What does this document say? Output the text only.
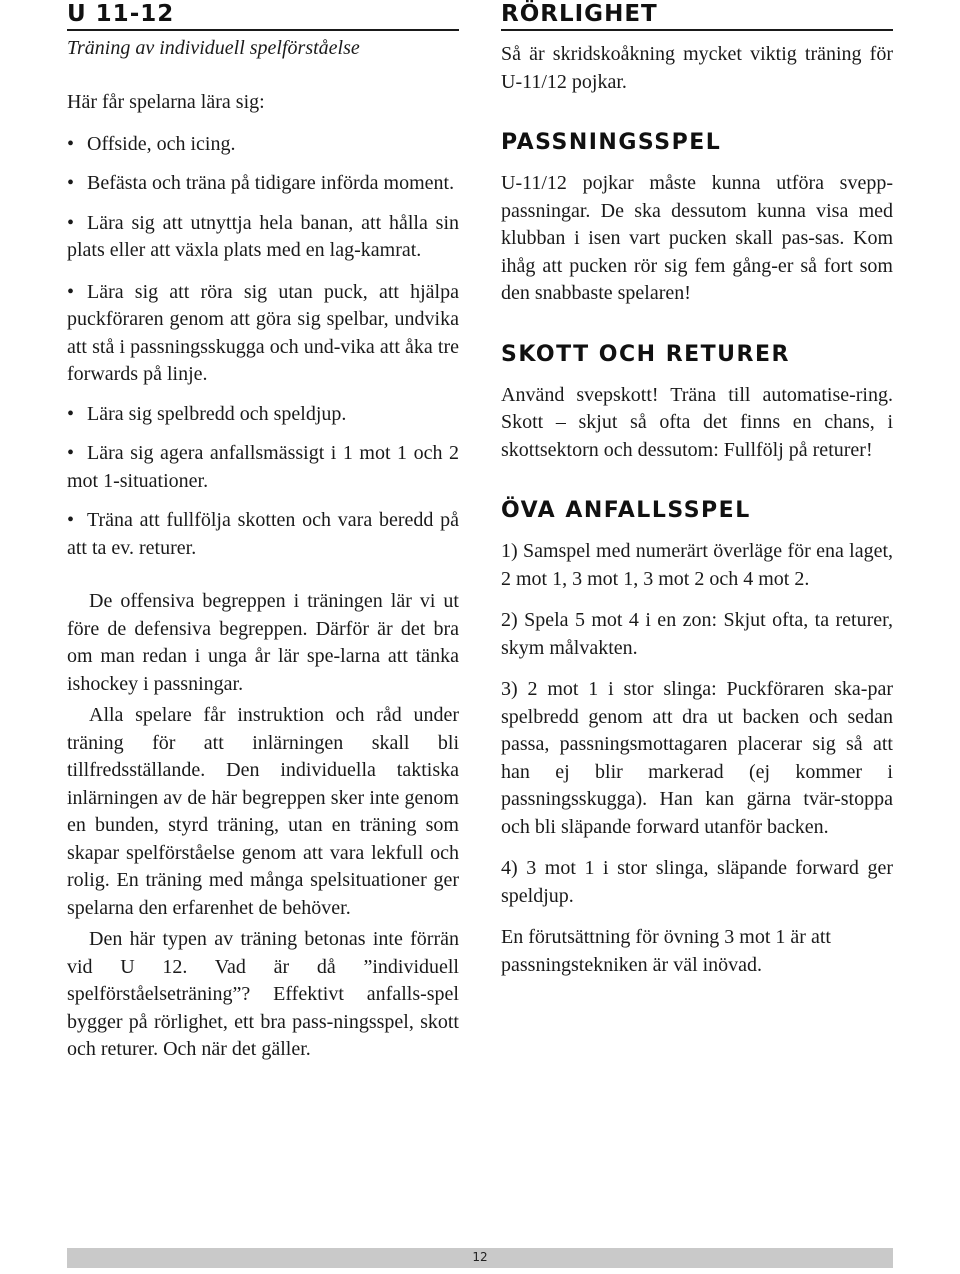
U 11-12

Träning av individuell spelförståelse

Här får spelarna lära sig:

• Offside, och icing.
• Befästa och träna på tidigare införda moment.
• Lära sig att utnyttja hela banan, att hålla sin plats eller att växla plats med en lag-kamrat.
• Lära sig att röra sig utan puck, att hjälpa puckföraren genom att göra sig spelbar, undvika att stå i passningsskugga och und-vika att åka tre forwards på linje.
• Lära sig spelbredd och speldjup.
• Lära sig agera anfallsmässigt i 1 mot 1 och 2 mot 1-situationer.
• Träna att fullfölja skotten och vara beredd på att ta ev. returer.

De offensiva begreppen i träningen lär vi ut före de defensiva begreppen. Därför är det bra om man redan i unga år lär spe-larna att tänka ishockey i passningar.

Alla spelare får instruktion och råd under träning för att inlärningen skall bli tillfredsställande. Den individuella taktiska inlärningen av de här begreppen sker inte genom en bunden, styrd träning, utan en träning som skapar spelförståelse genom att vara lekfull och rolig. En träning med många spelsituationer ger spelarna den erfarenhet de behöver.

Den här typen av träning betonas inte förrän vid U 12. Vad är då ”individuell spelförståelseträning”? Effektivt anfalls-spel bygger på rörlighet, ett bra pass-ningsspel, skott och returer. Och när det gäller.

RÖRLIGHET

Så är skridskoåkning mycket viktig träning för U-11/12 pojkar.

PASSNINGSSPEL

U-11/12 pojkar måste kunna utföra svepp-passningar. De ska dessutom kunna visa med klubban i isen vart pucken skall pas-sas. Kom ihåg att pucken rör sig fem gång-er så fort som den snabbaste spelaren!

SKOTT OCH RETURER

Använd svepskott! Träna till automatise-ring. Skott – skjut så ofta det finns en chans, i skottsektorn och dessutom: Fullfölj på returer!

ÖVA ANFALLSSPEL

1) Samspel med numerärt överläge för ena laget, 2 mot 1, 3 mot 1, 3 mot 2 och 4 mot 2.

2) Spela 5 mot 4 i en zon: Skjut ofta, ta returer, skym målvakten.

3) 2 mot 1 i stor slinga: Puckföraren ska-par spelbredd genom att dra ut backen och sedan passa, passningsmottagaren placerar sig så att han ej blir markerad (ej kommer i passningsskugga). Han kan gärna tvär-stoppa och bli släpande forward utanför backen.

4) 3 mot 1 i stor slinga, släpande forward ger speldjup.

En förutsättning för övning 3 mot 1 är att passningstekniken är väl inövad.

12
